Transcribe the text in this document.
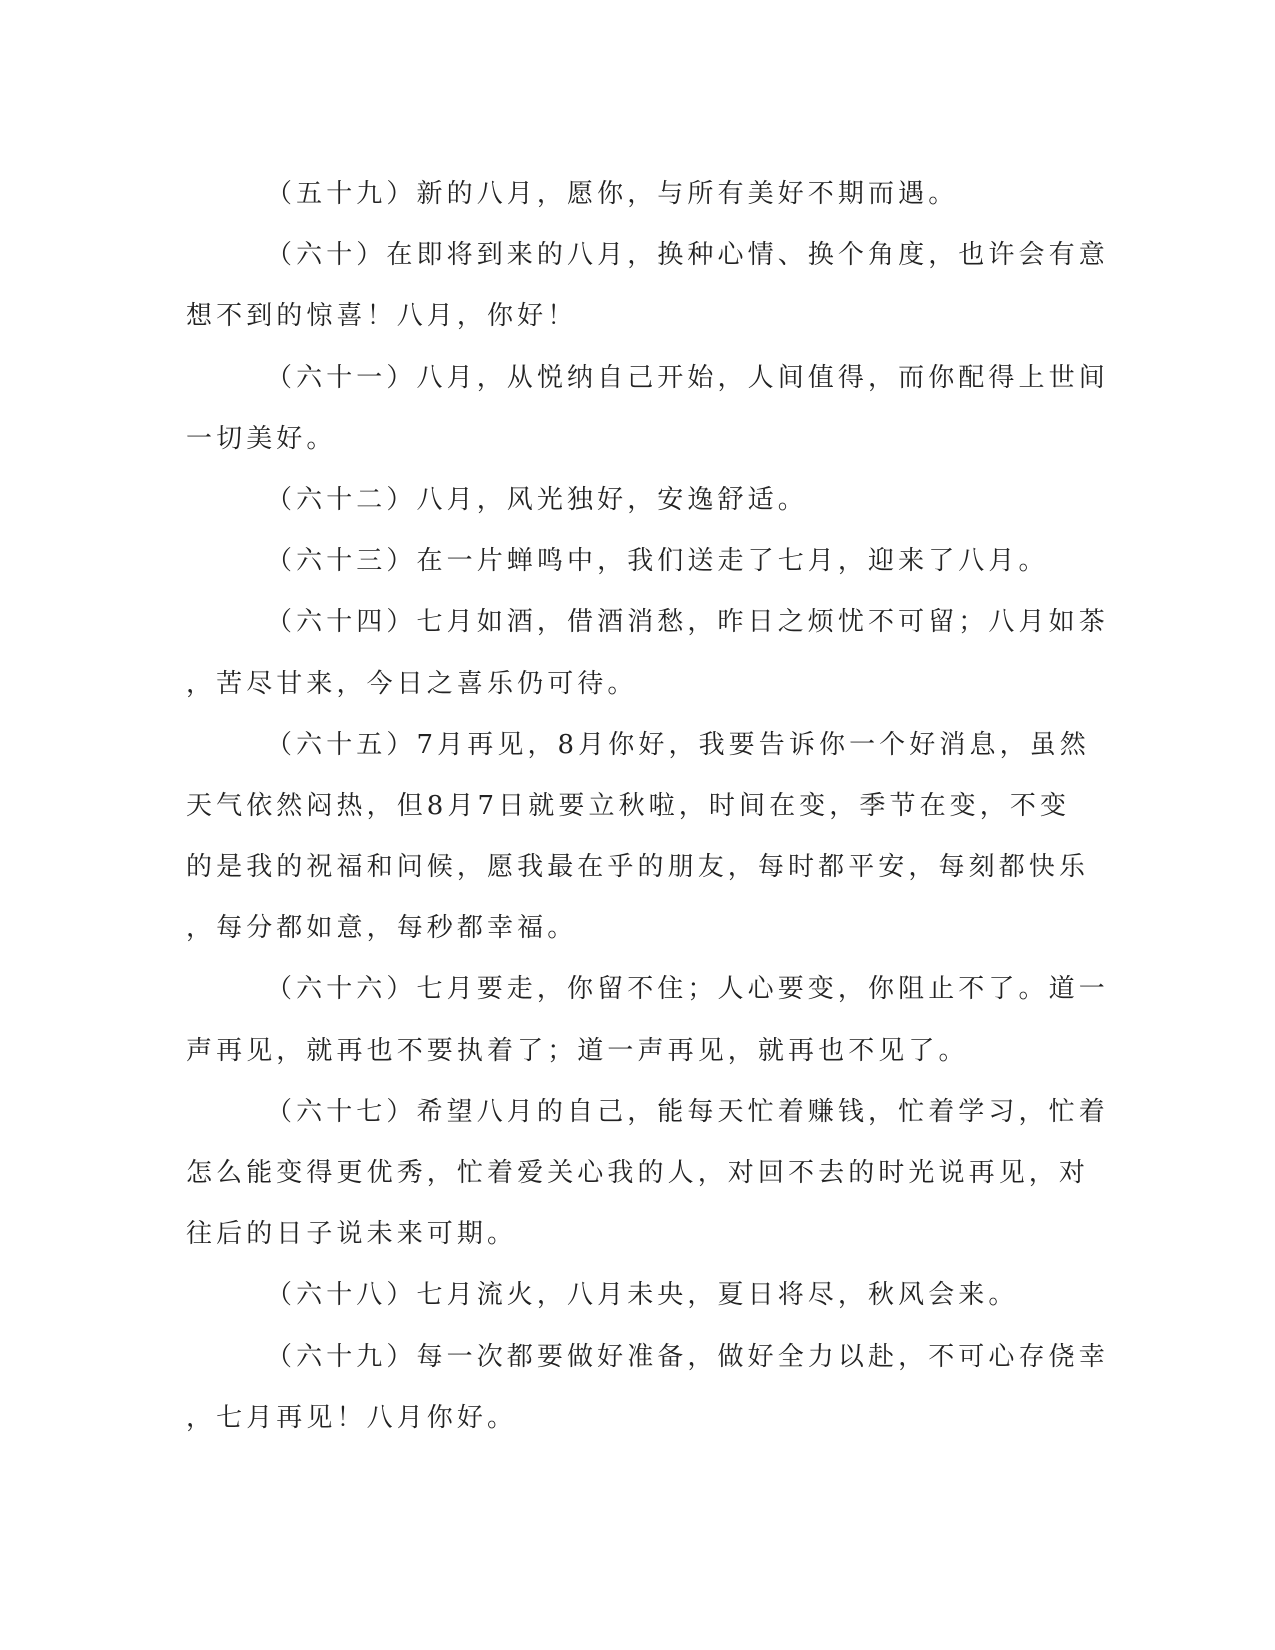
（五十九）新的八月，愿你，与所有美好不期而遇。
（六十）在即将到来的八月，换种心情、换个角度，也许会有意
想不到的惊喜！八月，你好！
（六十一）八月，从悦纳自己开始，人间值得，而你配得上世间
一切美好。
（六十二）八月，风光独好，安逸舒适。
（六十三）在一片蝉鸣中，我们送走了七月，迎来了八月。
（六十四）七月如酒，借酒消愁，昨日之烦忧不可留；八月如茶
，苦尽甘来，今日之喜乐仍可待。
（六十五）7月再见，8月你好，我要告诉你一个好消息，虽然
天气依然闷热，但8月7日就要立秋啦，时间在变，季节在变，不变
的是我的祝福和问候，愿我最在乎的朋友，每时都平安，每刻都快乐
，每分都如意，每秒都幸福。
（六十六）七月要走，你留不住；人心要变，你阻止不了。道一
声再见，就再也不要执着了；道一声再见，就再也不见了。
（六十七）希望八月的自己，能每天忙着赚钱，忙着学习，忙着
怎么能变得更优秀，忙着爱关心我的人，对回不去的时光说再见，对
往后的日子说未来可期。
（六十八）七月流火，八月未央，夏日将尽，秋风会来。
（六十九）每一次都要做好准备，做好全力以赴，不可心存侥幸
，七月再见！八月你好。
